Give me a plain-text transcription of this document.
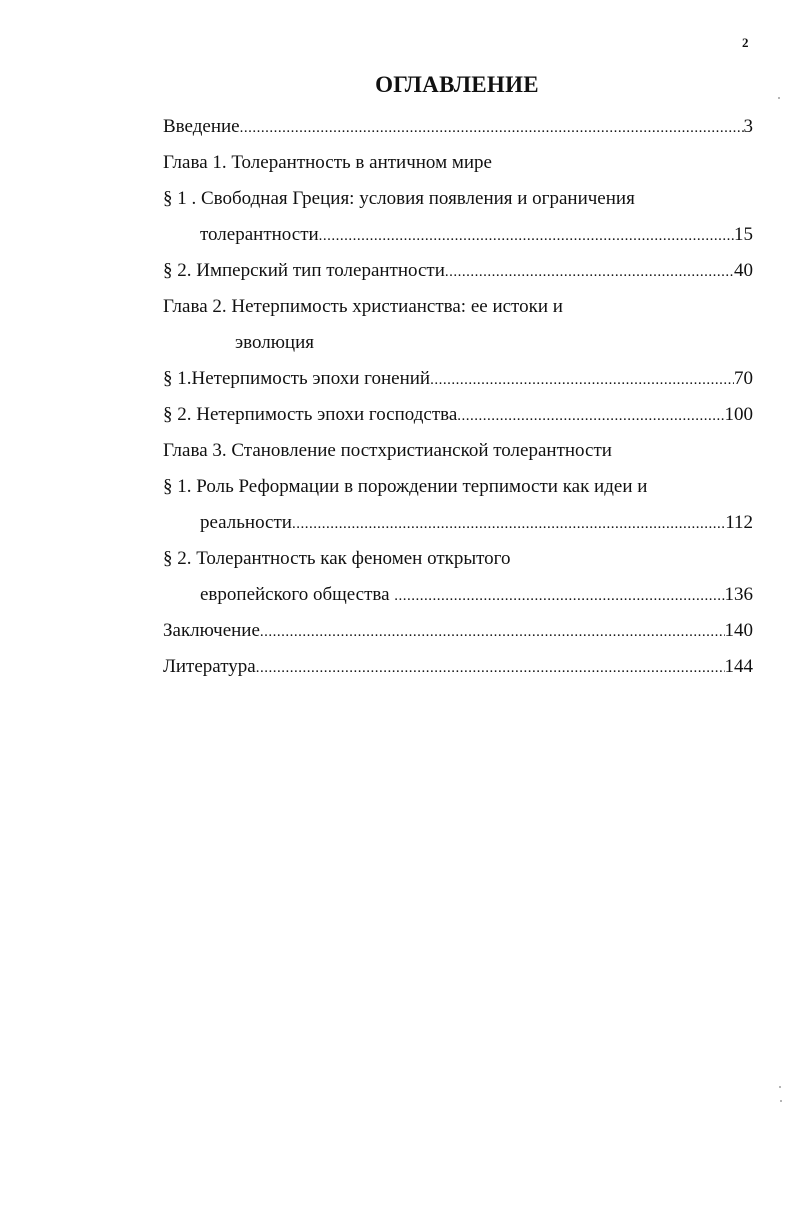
2
ОГЛАВЛЕНИЕ
Введение .....	3
Глава 1. Толерантность в античном мире
§ 1 . Свободная Греция: условия появления и ограничения
толерантности .....	15
§ 2. Имперский тип толерантности .....	40
Глава 2. Нетерпимость христианства: ее истоки и
эволюция
§ 1.Нетерпимость эпохи гонений .....	70
§ 2. Нетерпимость эпохи господства .....	100
Глава 3. Становление постхристианской толерантности
§ 1. Роль Реформации в порождении терпимости как идеи и
реальности .....	112
§ 2. Толерантность как феномен открытого
европейского общества .....	136
Заключение .....	140
Литература .....	144
